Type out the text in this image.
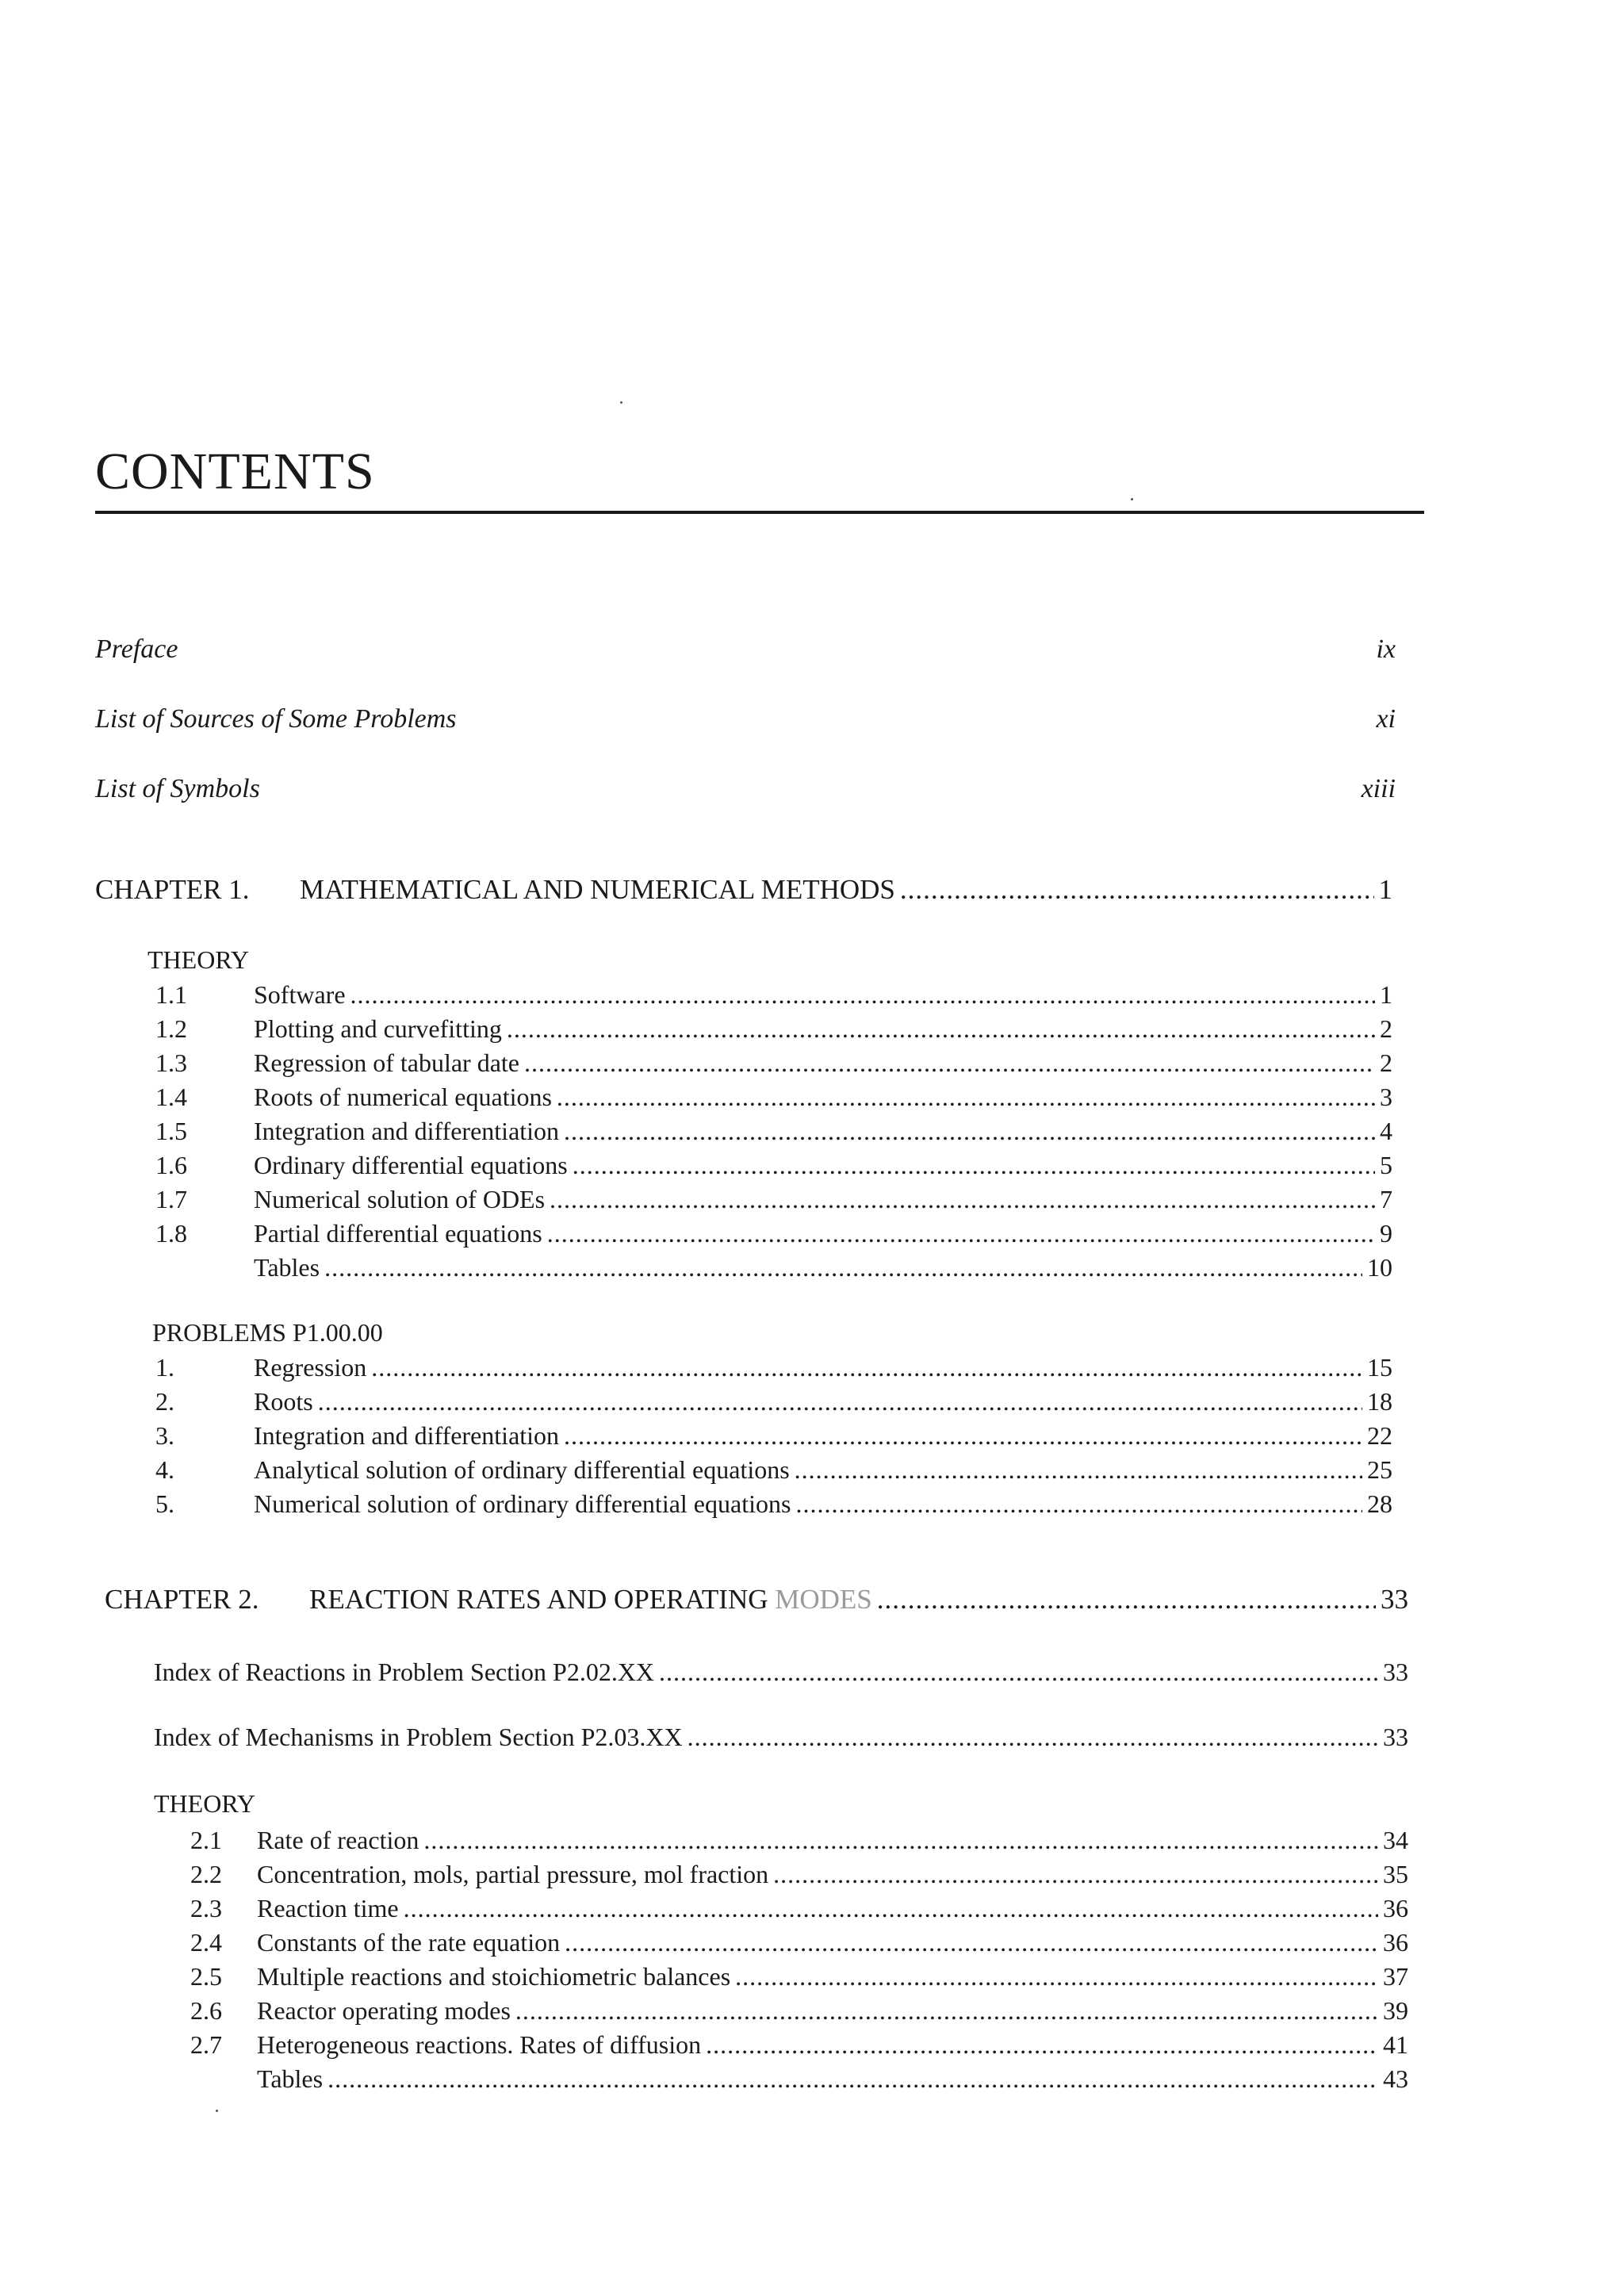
CONTENTS
Preface	ix
List of Sources of Some Problems	xi
List of Symbols	xiii
CHAPTER 1.	MATHEMATICAL AND NUMERICAL METHODS .....	1
THEORY
1.1	Software .....	1
1.2	Plotting and curvefitting .....	2
1.3	Regression of tabular date .....	2
1.4	Roots of numerical equations .....	3
1.5	Integration and differentiation .....	4
1.6	Ordinary differential equations .....	5
1.7	Numerical solution of ODEs .....	7
1.8	Partial differential equations .....	9
Tables .....	10
PROBLEMS P1.00.00
1.	Regression .....	15
2.	Roots .....	18
3.	Integration and differentiation .....	22
4.	Analytical solution of ordinary differential equations .....	25
5.	Numerical solution of ordinary differential equations .....	28
CHAPTER 2.	REACTION RATES AND OPERATING MODES .....	33
Index of Reactions in Problem Section P2.02.XX .....	33
Index of Mechanisms in Problem Section P2.03.XX .....	33
THEORY
2.1	Rate of reaction .....	34
2.2	Concentration, mols, partial pressure, mol fraction .....	35
2.3	Reaction time .....	36
2.4	Constants of the rate equation .....	36
2.5	Multiple reactions and stoichiometric balances .....	37
2.6	Reactor operating modes .....	39
2.7	Heterogeneous reactions. Rates of diffusion .....	41
Tables .....	43
